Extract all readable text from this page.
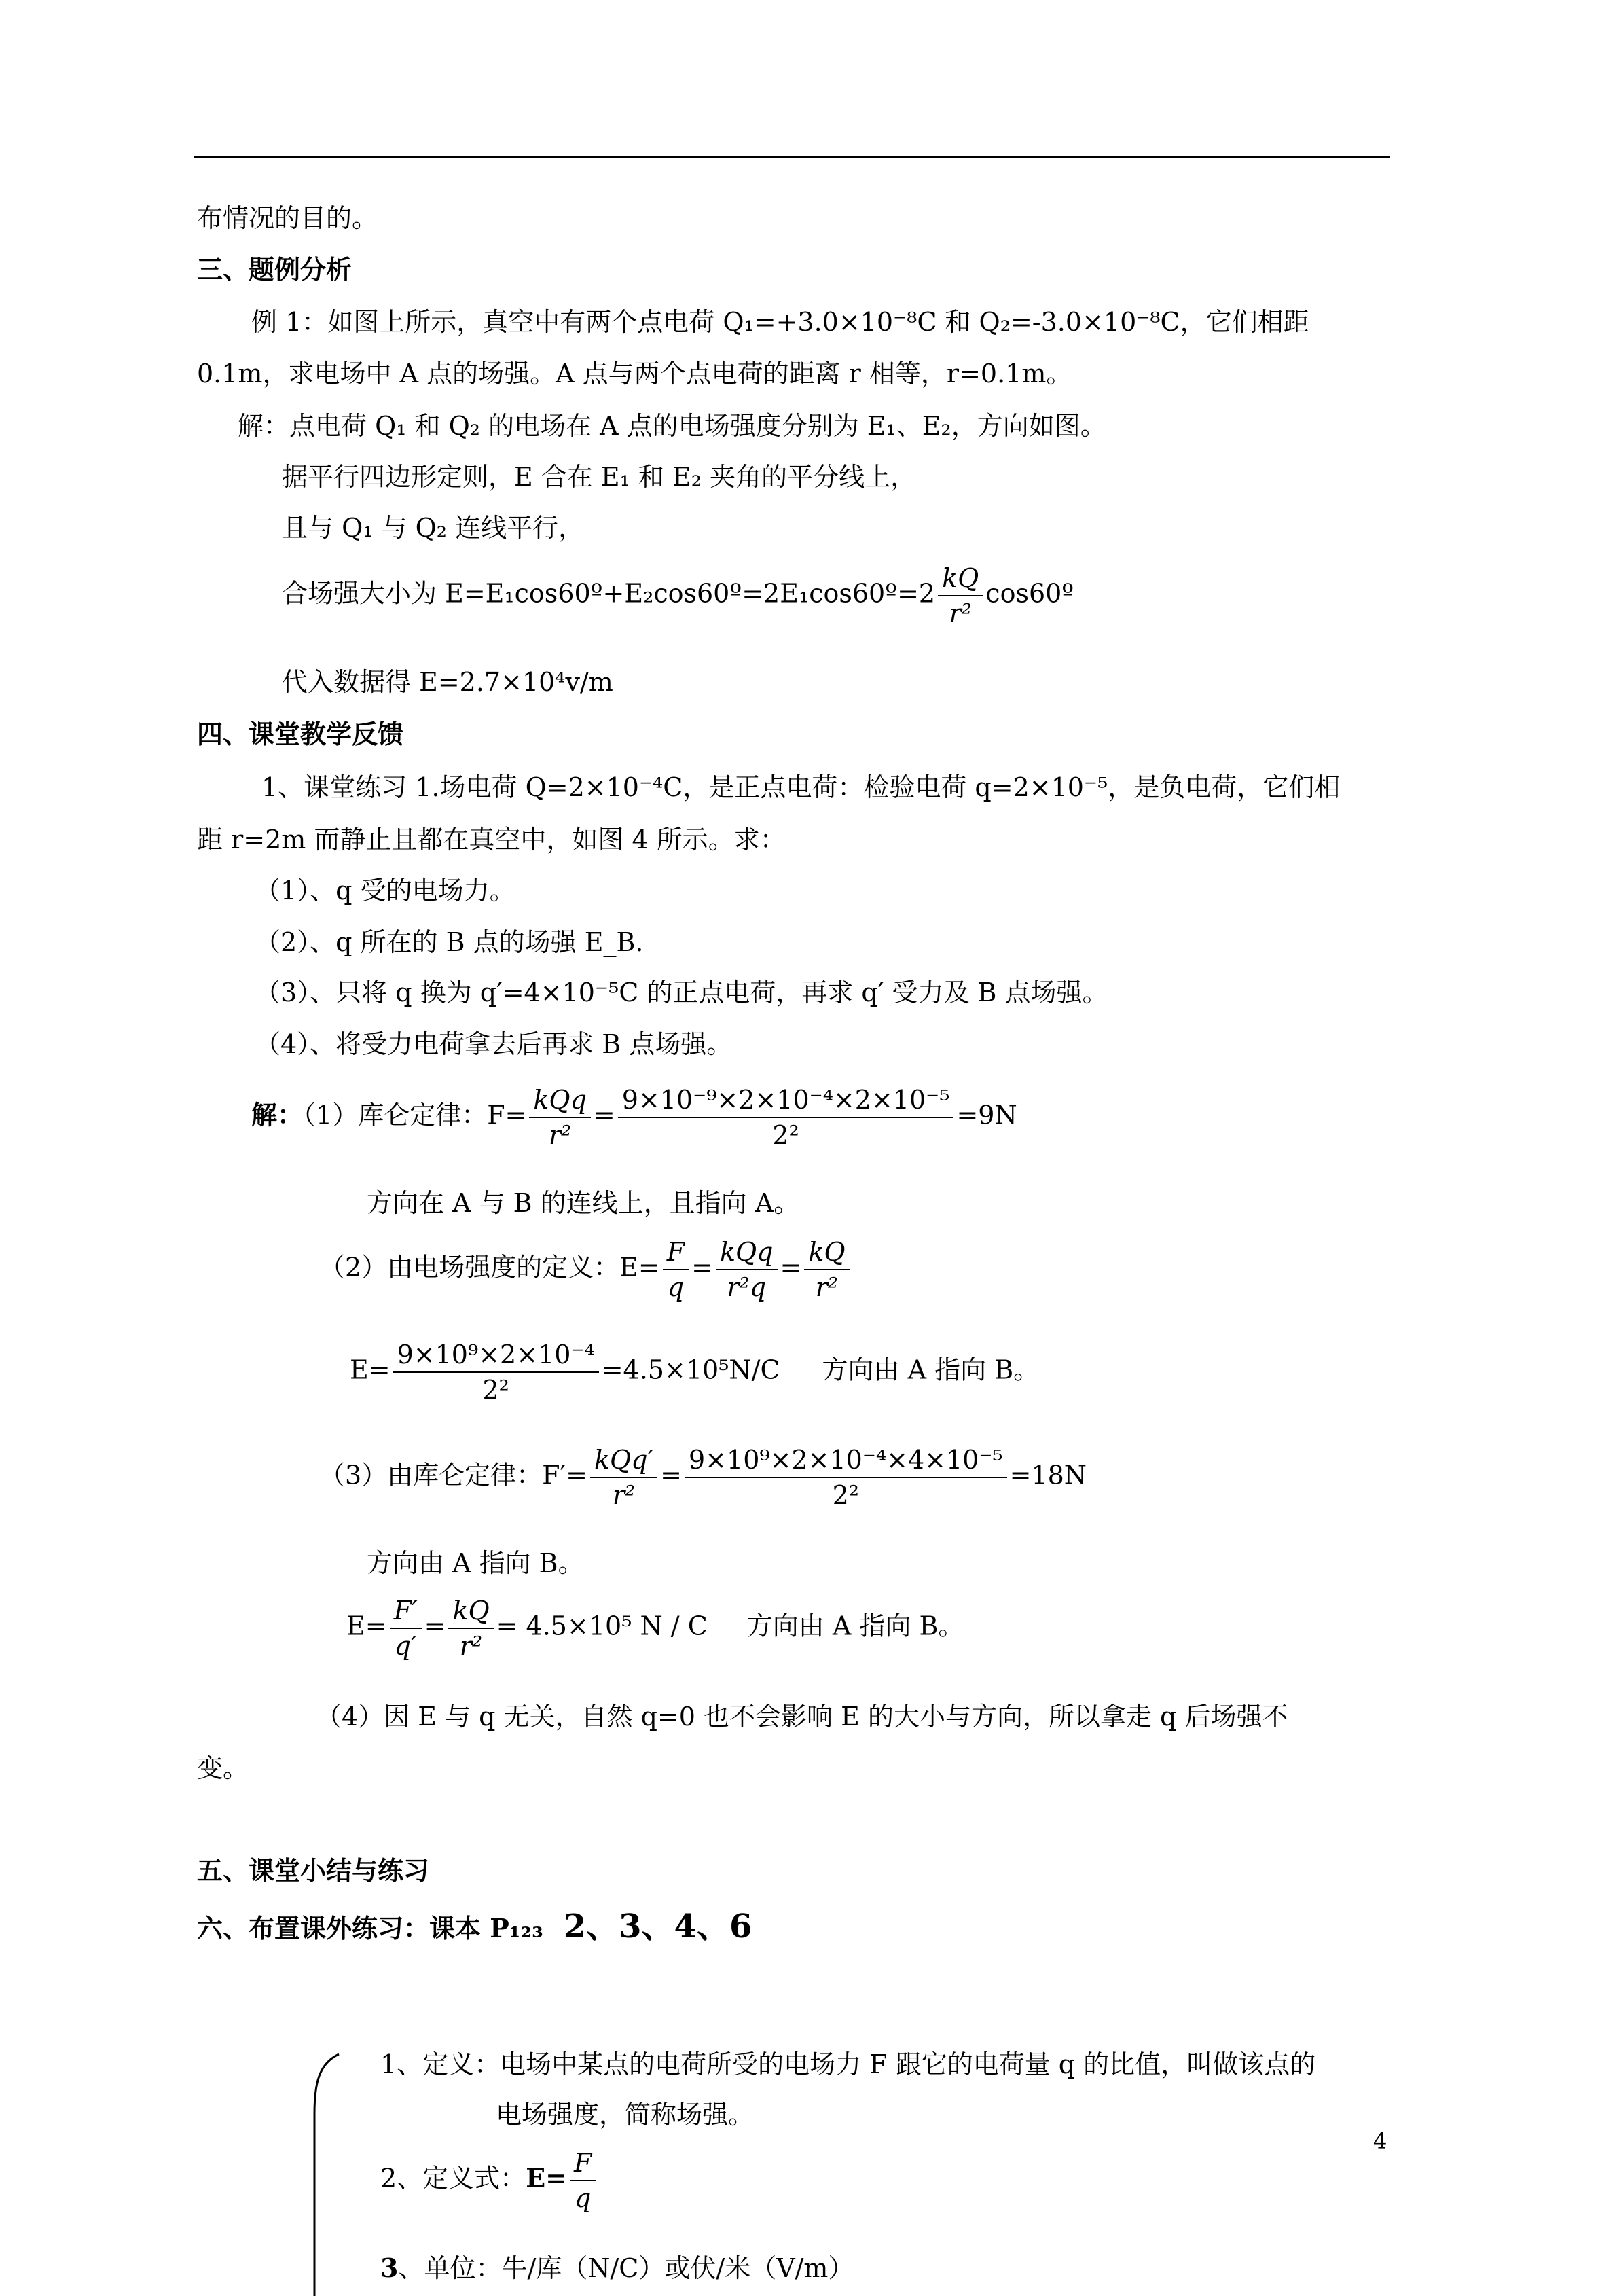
布情况的目的。
三、题例分析
例 1：如图上所示，真空中有两个点电荷 Q₁=+3.0×10⁻⁸C 和 Q₂=-3.0×10⁻⁸C，它们相距
0.1m，求电场中 A 点的场强。A 点与两个点电荷的距离 r 相等，r=0.1m。
解：点电荷 Q₁ 和 Q₂ 的电场在 A 点的电场强度分别为 E₁、E₂，方向如图。
据平行四边形定则，E 合在 E₁ 和 E₂ 夹角的平分线上，
且与 Q₁ 与 Q₂ 连线平行，
合场强大小为 E=E₁cos60º+E₂cos60º=2E₁cos60º=2 $\frac{kQ}{\text{r²}}$ cos60º
代入数据得 E=2.7×10⁴v/m
四、课堂教学反馈
1、课堂练习 1.场电荷 Q=2×10⁻⁴C，是正点电荷：检验电荷 q=2×10⁻⁵，是负电荷，它们相
距 r=2m 而静止且都在真空中，如图 4 所示。求：
（1）、q 受的电场力。
（2）、q 所在的 B 点的场强 E_B.
（3）、只将 q 换为 q′=4×10⁻⁵C 的正点电荷，再求 q′ 受力及 B 点场强。
（4）、将受力电荷拿去后再求 B 点场强。
解：（1）库仑定律：$F= \frac{\text{kQq}}{\text{r²}} = \frac{\text{9×10⁻⁹×2×10⁻⁴×2×10⁻⁵}}{\text{2²}} =9N$
方向在 A 与 B 的连线上，且指向 A。
（2）由电场强度的定义：$E= \frac{F}{q} = \frac{\text{kQq}}{\text{r²q}} = \frac{kQ}{\text{r²}}$
$E= \frac{\text{9×10⁹×2×10⁻⁴}}{\text{2²}} =4.5\times 10^5N/C$ 方向由 A 指向 B。
（3）由库仑定律：$F'= \frac{\text{kQq′}}{\text{r²}} = \frac{\text{9×10⁹×2×10⁻⁴×4×10⁻⁵}}{\text{2²}} =18N$
方向由 A 指向 B。
$E= \frac{F'}{q'} = \frac{kQ}{\text{r²}} = 4.5\times 10^5$ N / C 方向由 A 指向 B。
（4）因 E 与 q 无关，自然 q=0 也不会影响 E 的大小与方向，所以拿走 q 后场强不
变。
五、课堂小结与练习
六、布置课外练习：课本 P₁₂₃ 2、3、4、6
1、定义：电场中某点的电荷所受的电场力 F 跟它的电荷量 q 的比值，叫做该点的
电场强度，简称场强。
4
2、定义式：$E= \frac{F}{q}$
3、单位：牛/库（N/C）或伏/米（V/m）
